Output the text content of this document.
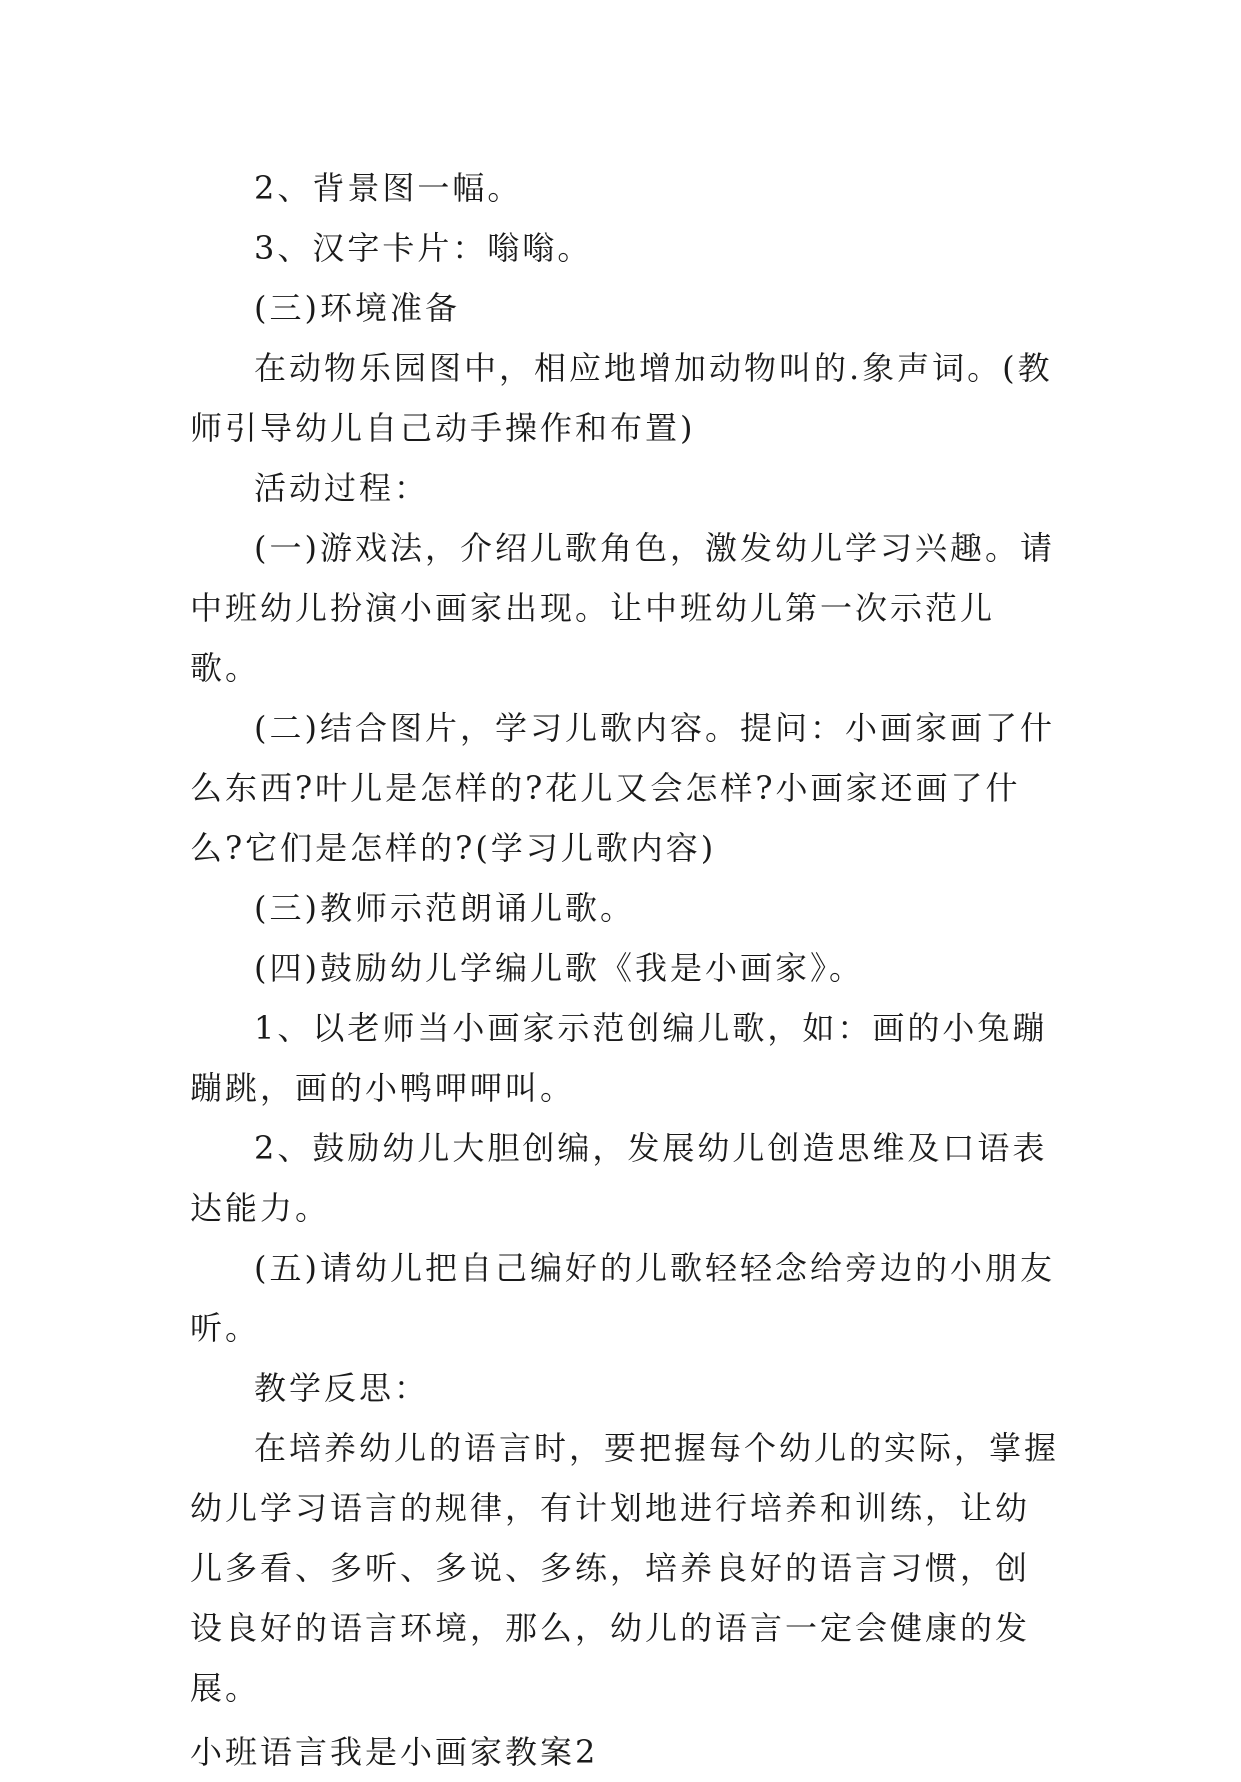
2、背景图一幅。

3、汉字卡片：嗡嗡。

(三)环境准备

在动物乐园图中，相应地增加动物叫的.象声词。(教师引导幼儿自己动手操作和布置)

活动过程：

(一)游戏法，介绍儿歌角色，激发幼儿学习兴趣。请中班幼儿扮演小画家出现。让中班幼儿第一次示范儿歌。

(二)结合图片，学习儿歌内容。提问：小画家画了什么东西?叶儿是怎样的?花儿又会怎样?小画家还画了什么?它们是怎样的?(学习儿歌内容)

(三)教师示范朗诵儿歌。

(四)鼓励幼儿学编儿歌《我是小画家》。

1、以老师当小画家示范创编儿歌，如：画的小兔蹦蹦跳，画的小鸭呷呷叫。

2、鼓励幼儿大胆创编，发展幼儿创造思维及口语表达能力。

(五)请幼儿把自己编好的儿歌轻轻念给旁边的小朋友听。

教学反思：

在培养幼儿的语言时，要把握每个幼儿的实际，掌握幼儿学习语言的规律，有计划地进行培养和训练，让幼儿多看、多听、多说、多练，培养良好的语言习惯，创设良好的语言环境，那么，幼儿的语言一定会健康的发展。

小班语言我是小画家教案2
